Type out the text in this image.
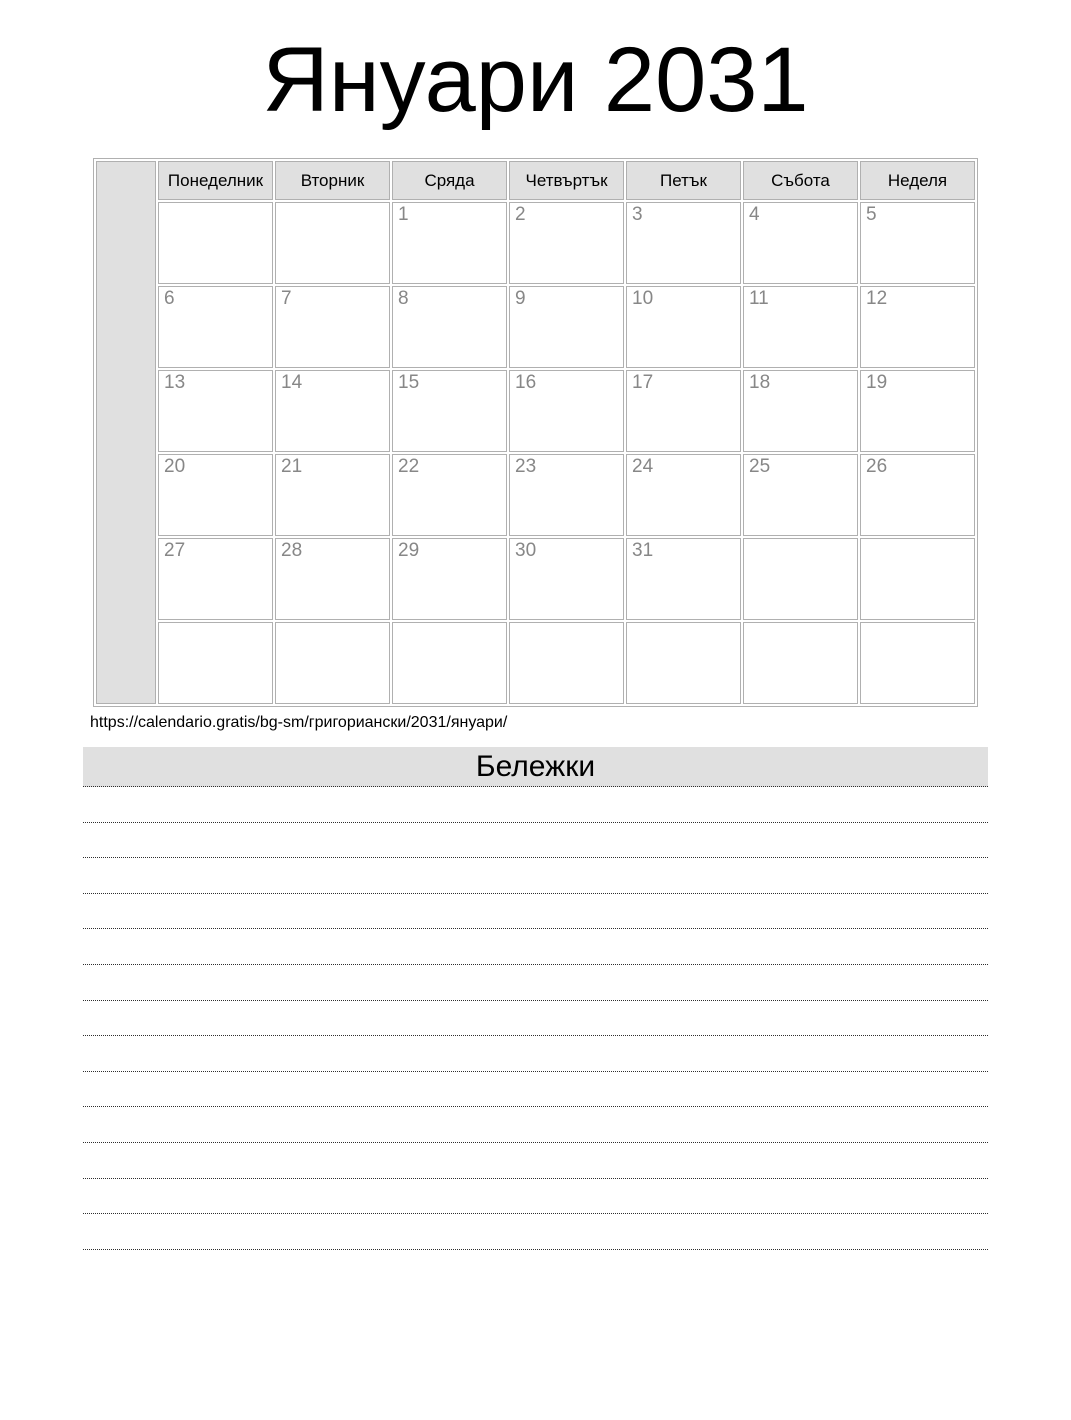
Януари 2031
	Понеделник	Вторник	Сряда	Четвъртък	Петък	Събота	Неделя
			1	2	3	4	5
	6	7	8	9	10	11	12
	13	14	15	16	17	18	19
	20	21	22	23	24	25	26
	27	28	29	30	31		

https://calendario.gratis/bg-sm/григориански/2031/януари/
Бележки
